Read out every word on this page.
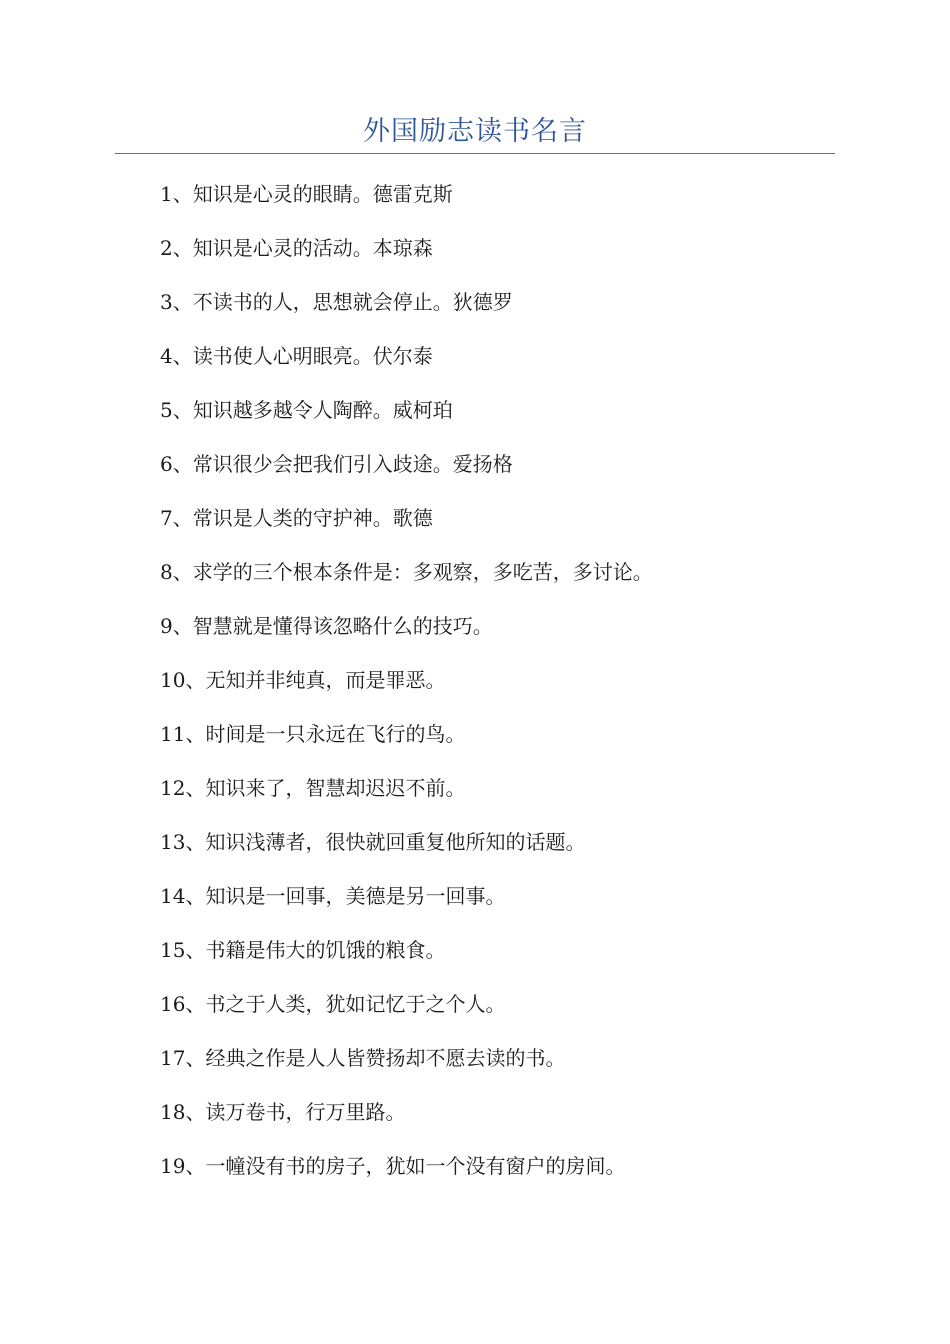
外国励志读书名言
1、知识是心灵的眼睛。德雷克斯
2、知识是心灵的活动。本琼森
3、不读书的人，思想就会停止。狄德罗
4、读书使人心明眼亮。伏尔泰
5、知识越多越令人陶醉。威柯珀
6、常识很少会把我们引入歧途。爱扬格
7、常识是人类的守护神。歌德
8、求学的三个根本条件是：多观察，多吃苦，多讨论。
9、智慧就是懂得该忽略什么的技巧。
10、无知并非纯真，而是罪恶。
11、时间是一只永远在飞行的鸟。
12、知识来了，智慧却迟迟不前。
13、知识浅薄者，很快就回重复他所知的话题。
14、知识是一回事，美德是另一回事。
15、书籍是伟大的饥饿的粮食。
16、书之于人类，犹如记忆于之个人。
17、经典之作是人人皆赞扬却不愿去读的书。
18、读万卷书，行万里路。
19、一幢没有书的房子，犹如一个没有窗户的房间。
